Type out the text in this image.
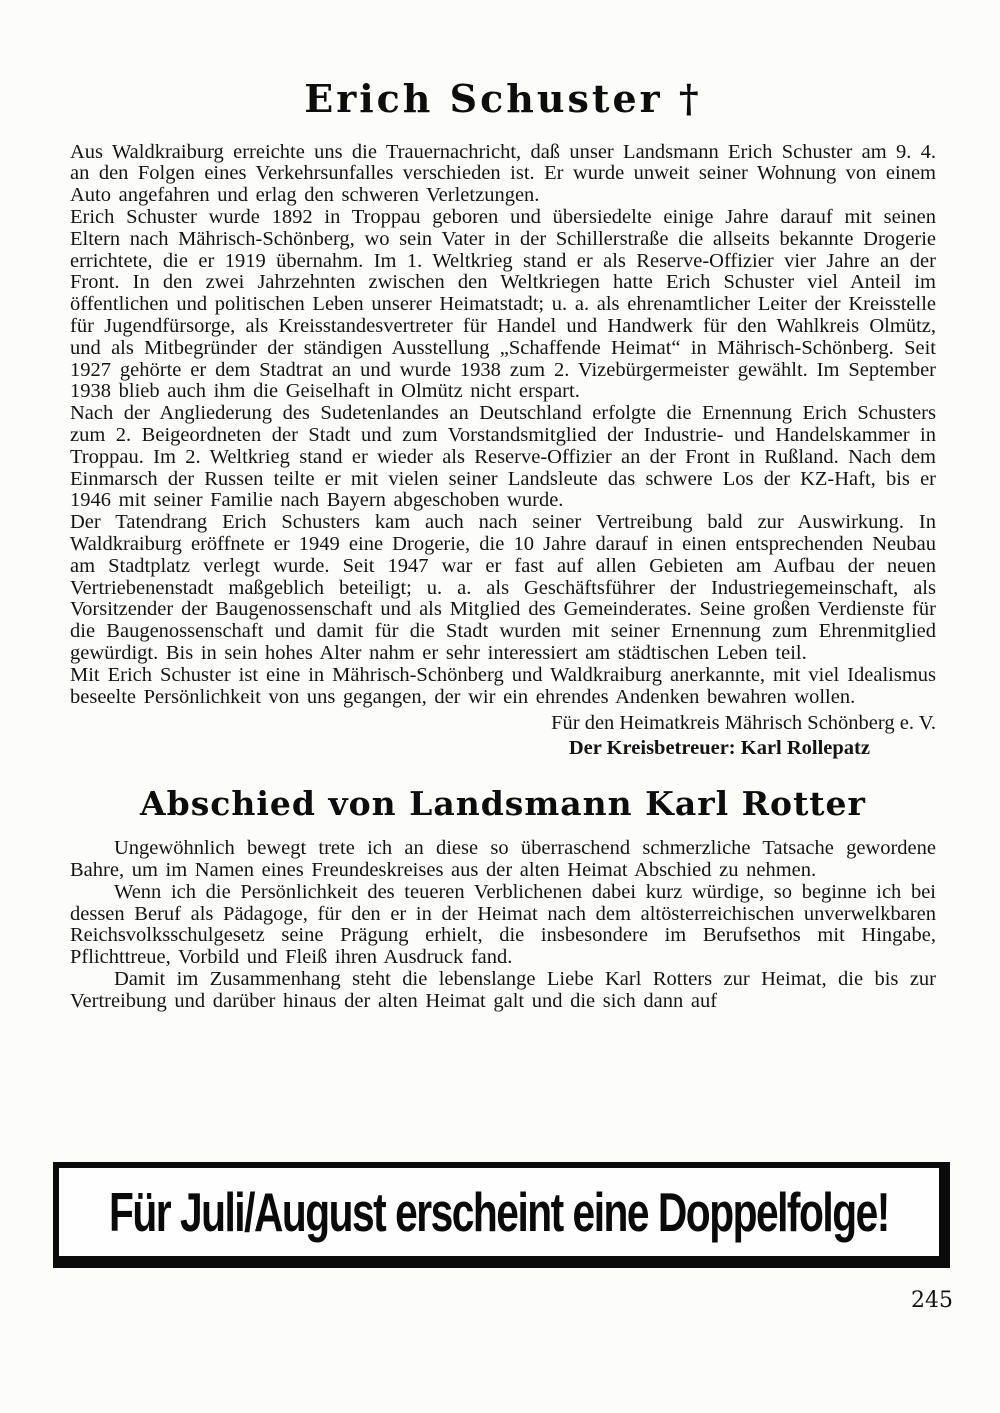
Erich Schuster †

Aus Waldkraiburg erreichte uns die Trauernachricht, daß unser Landsmann Erich Schuster am 9. 4. an den Folgen eines Verkehrsunfalles verschieden ist. Er wurde unweit seiner Wohnung von einem Auto angefahren und erlag den schweren Verletzungen.

Erich Schuster wurde 1892 in Troppau geboren und übersiedelte einige Jahre darauf mit seinen Eltern nach Mährisch-Schönberg, wo sein Vater in der Schillerstraße die allseits bekannte Drogerie errichtete, die er 1919 übernahm. Im 1. Weltkrieg stand er als Reserve-Offizier vier Jahre an der Front. In den zwei Jahrzehnten zwischen den Weltkriegen hatte Erich Schuster viel Anteil im öffentlichen und politischen Leben unserer Heimatstadt; u. a. als ehrenamtlicher Leiter der Kreisstelle für Jugendfürsorge, als Kreisstandesvertreter für Handel und Handwerk für den Wahlkreis Olmütz, und als Mitbegründer der ständigen Ausstellung „Schaffende Heimat“ in Mährisch-Schönberg. Seit 1927 gehörte er dem Stadtrat an und wurde 1938 zum 2. Vizebürgermeister gewählt. Im September 1938 blieb auch ihm die Geiselhaft in Olmütz nicht erspart.

Nach der Angliederung des Sudetenlandes an Deutschland erfolgte die Ernennung Erich Schusters zum 2. Beigeordneten der Stadt und zum Vorstandsmitglied der Industrie- und Handelskammer in Troppau. Im 2. Weltkrieg stand er wieder als Reserve-Offizier an der Front in Rußland. Nach dem Einmarsch der Russen teilte er mit vielen seiner Landsleute das schwere Los der KZ-Haft, bis er 1946 mit seiner Familie nach Bayern abgeschoben wurde.

Der Tatendrang Erich Schusters kam auch nach seiner Vertreibung bald zur Auswirkung. In Waldkraiburg eröffnete er 1949 eine Drogerie, die 10 Jahre darauf in einen entsprechenden Neubau am Stadtplatz verlegt wurde. Seit 1947 war er fast auf allen Gebieten am Aufbau der neuen Vertriebenenstadt maßgeblich beteiligt; u. a. als Geschäftsführer der Industriegemeinschaft, als Vorsitzender der Baugenossenschaft und als Mitglied des Gemeinderates. Seine großen Verdienste für die Baugenossenschaft und damit für die Stadt wurden mit seiner Ernennung zum Ehrenmitglied gewürdigt. Bis in sein hohes Alter nahm er sehr interessiert am städtischen Leben teil.

Mit Erich Schuster ist eine in Mährisch-Schönberg und Waldkraiburg anerkannte, mit viel Idealismus beseelte Persönlichkeit von uns gegangen, der wir ein ehrendes Andenken bewahren wollen.

Für den Heimatkreis Mährisch Schönberg e. V.
Der Kreisbetreuer: Karl Rollepatz
Abschied von Landsmann Karl Rotter

Ungewöhnlich bewegt trete ich an diese so überraschend schmerzliche Tatsache gewordene Bahre, um im Namen eines Freundeskreises aus der alten Heimat Abschied zu nehmen.

Wenn ich die Persönlichkeit des teueren Verblichenen dabei kurz würdige, so beginne ich bei dessen Beruf als Pädagoge, für den er in der Heimat nach dem altösterreichischen unverwelkbaren Reichsvolksschulgesetz seine Prägung erhielt, die insbesondere im Berufsethos mit Hingabe, Pflichttreue, Vorbild und Fleiß ihren Ausdruck fand.

Damit im Zusammenhang steht die lebenslange Liebe Karl Rotters zur Heimat, die bis zur Vertreibung und darüber hinaus der alten Heimat galt und die sich dann auf

Für Juli/August erscheint eine Doppelfolge!
245
